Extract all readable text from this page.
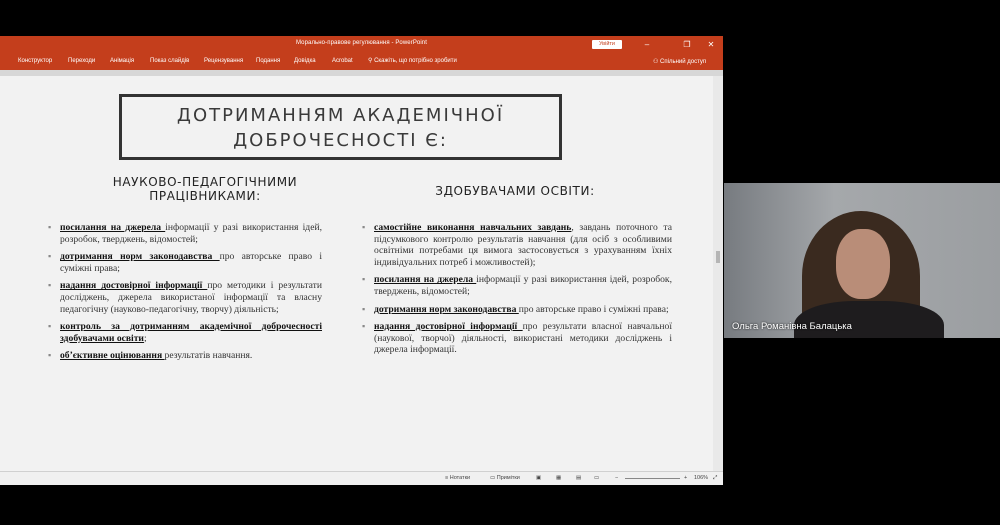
Морально-правове регулювання - PowerPoint	Увійти	–	❐	✕
Конструктор	Переходи Анімація	Показ слайдів Рецензування Подання Довідка	Acrobat	⚲ Скажіть, що потрібно зробити	⚇ Спільний доступ
ДОТРИМАННЯМ АКАДЕМІЧНОЇ
ДОБРОЧЕСНОСТІ Є:
НАУКОВО-ПЕДАГОГІЧНИМИ
ПРАЦІВНИКАМИ:	ЗДОБУВАЧАМИ ОСВІТИ:
▪ посилання на джерела інформації у разі використання ідей, розробок, тверджень, відомостей;
▪ дотримання норм законодавства про авторське право і суміжні права;
▪ надання достовірної інформації про методики і результати досліджень, джерела використаної інформації та власну педагогічну (науково-педагогічну, творчу) діяльність;
▪ контроль за дотриманням академічної доброчесності здобувачами освіти;
▪ об’єктивне оцінювання результатів навчання.
▪ самостійне виконання навчальних завдань, завдань поточного та підсумкового контролю результатів навчання (для осіб з особливими освітніми потребами ця вимога застосовується з урахуванням їхніх індивідуальних потреб і можливостей);
▪ посилання на джерела інформації у разі використання ідей, розробок, тверджень, відомостей;
▪ дотримання норм законодавства про авторське право і суміжні права;
▪ надання достовірної інформації про результати власної навчальної (наукової, творчої) діяльності, використані методики досліджень і джерела інформації.
≡ Нотатки	▭ Примітки	▣	▦	▤ ▭	−	+ 106% ⤢
Ольга Романівна Балацька
